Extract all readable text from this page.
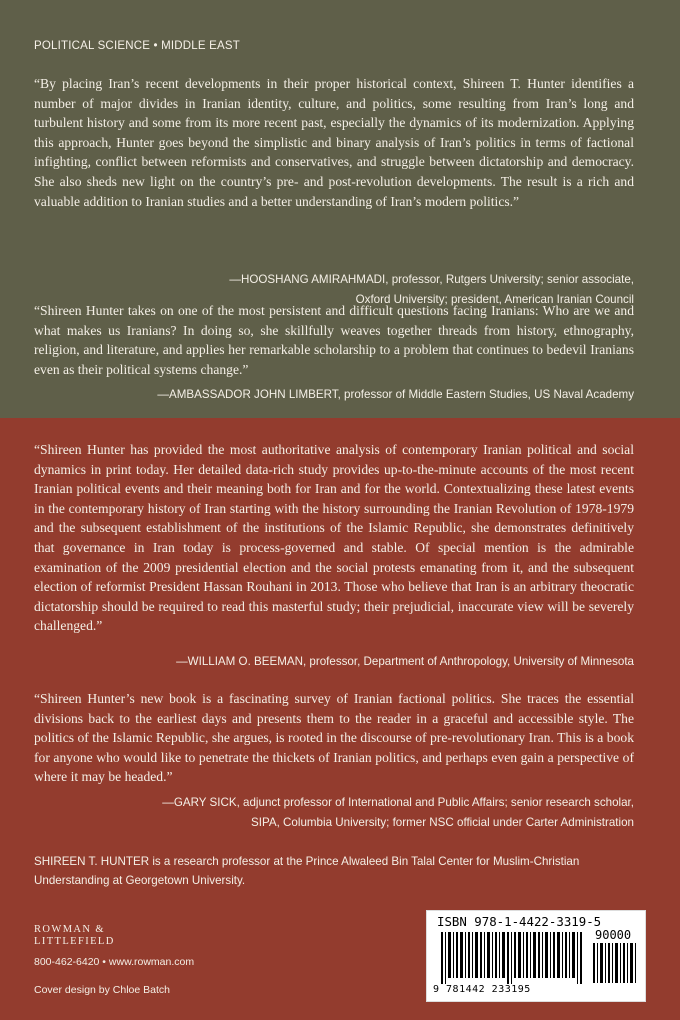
POLITICAL SCIENCE • MIDDLE EAST
“By placing Iran’s recent developments in their proper historical context, Shireen T. Hunter identifies a number of major divides in Iranian identity, culture, and politics, some resulting from Iran’s long and turbulent history and some from its more recent past, especially the dynamics of its modernization. Applying this approach, Hunter goes beyond the simplistic and binary analysis of Iran’s politics in terms of factional infighting, conflict between reformists and conservatives, and struggle between dictatorship and democracy. She also sheds new light on the country’s pre- and post-revolution developments. The result is a rich and valuable addition to Iranian studies and a better understanding of Iran’s modern politics.”
—HOOSHANG AMIRAHMADI, professor, Rutgers University; senior associate,
Oxford University; president, American Iranian Council
“Shireen Hunter takes on one of the most persistent and difficult questions facing Iranians: Who are we and what makes us Iranians? In doing so, she skillfully weaves together threads from history, ethnography, religion, and literature, and applies her remarkable scholarship to a problem that continues to bedevil Iranians even as their political systems change.”
—AMBASSADOR JOHN LIMBERT, professor of Middle Eastern Studies, US Naval Academy
“Shireen Hunter has provided the most authoritative analysis of contemporary Iranian political and social dynamics in print today. Her detailed data-rich study provides up-to-the-minute accounts of the most recent Iranian political events and their meaning both for Iran and for the world. Contextualizing these latest events in the contemporary history of Iran starting with the history surrounding the Iranian Revolution of 1978-1979 and the subsequent establishment of the institutions of the Islamic Republic, she demonstrates definitively that governance in Iran today is process-governed and stable. Of special mention is the admirable examination of the 2009 presidential election and the social protests emanating from it, and the subsequent election of reformist President Hassan Rouhani in 2013. Those who believe that Iran is an arbitrary theocratic dictatorship should be required to read this masterful study; their prejudicial, inaccurate view will be severely challenged.”
—WILLIAM O. BEEMAN, professor, Department of Anthropology, University of Minnesota
“Shireen Hunter’s new book is a fascinating survey of Iranian factional politics. She traces the essential divisions back to the earliest days and presents them to the reader in a graceful and accessible style. The politics of the Islamic Republic, she argues, is rooted in the discourse of pre-revolutionary Iran. This is a book for anyone who would like to penetrate the thickets of Iranian politics, and perhaps even gain a perspective of where it may be headed.”
—GARY SICK, adjunct professor of International and Public Affairs; senior research scholar,
SIPA, Columbia University; former NSC official under Carter Administration
SHIREEN T. HUNTER is a research professor at the Prince Alwaleed Bin Talal Center for Muslim-Christian Understanding at Georgetown University.
ROWMAN &
LITTLEFIELD
800-462-6420 • www.rowman.com
Cover design by Chloe Batch
ISBN 978-1-4422-3319-5
90000
9 781442 233195
